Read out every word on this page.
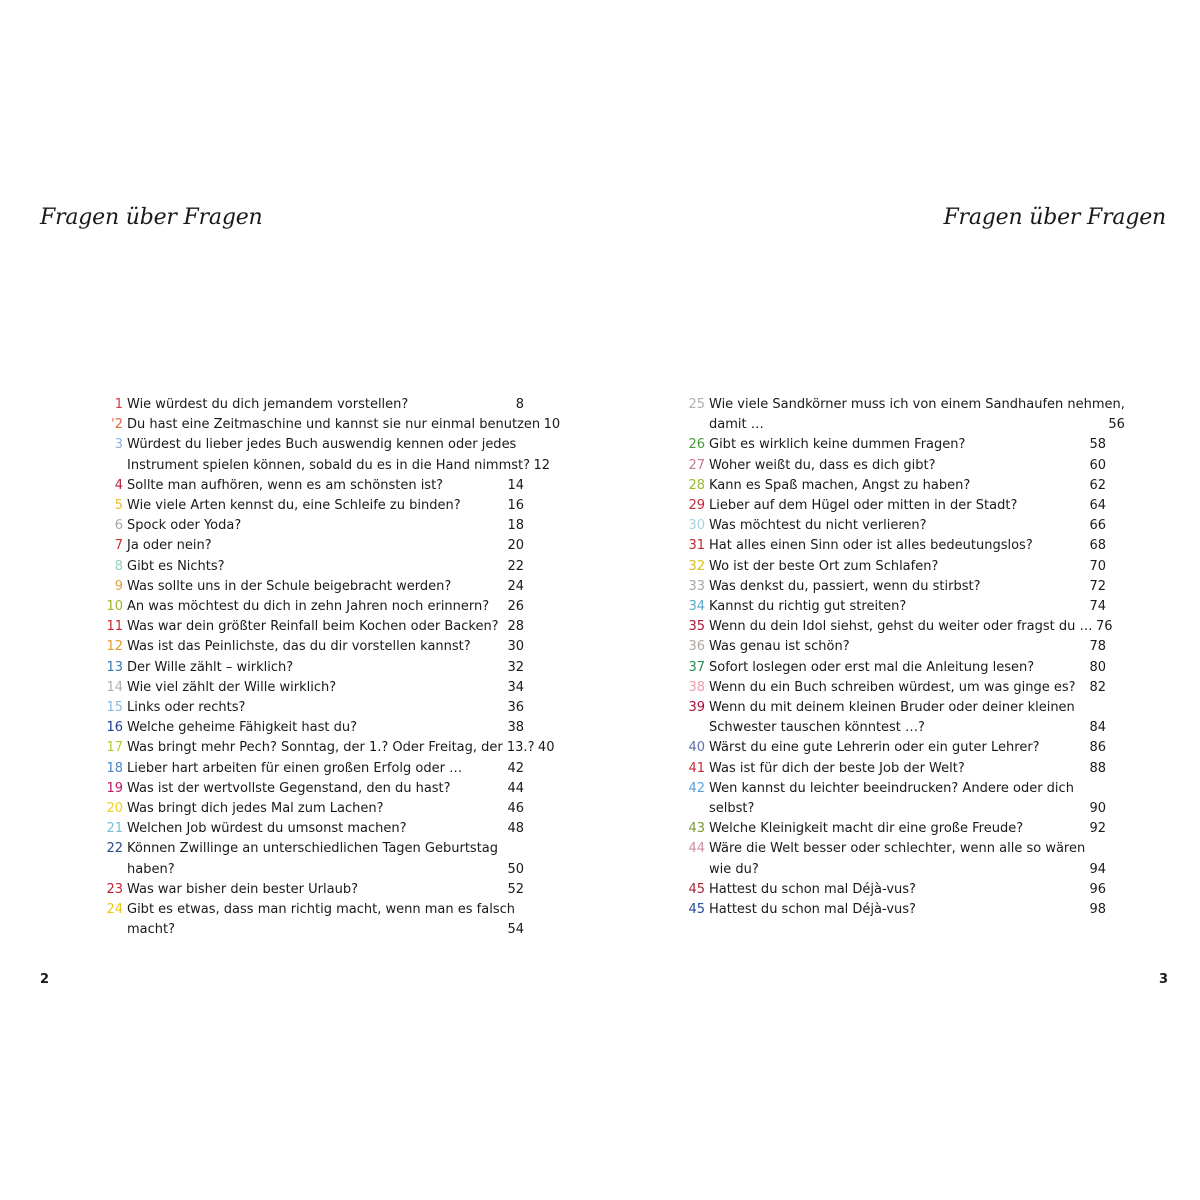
Fragen über Fragen	Fragen über Fragen
1 Wie würdest du dich jemandem vorstellen?	8
'2 Du hast eine Zeitmaschine und kannst sie nur einmal benutzen 10
3 Würdest du lieber jedes Buch auswendig kennen oder jedes
Instrument spielen können, sobald du es in die Hand nimmst? 12
4 Sollte man aufhören, wenn es am schönsten ist?	14
5 Wie viele Arten kennst du, eine Schleife zu binden?	16
6 Spock oder Yoda?	18
7 Ja oder nein?	20
8 Gibt es Nichts?	22
9 Was sollte uns in der Schule beigebracht werden?	24
10 An was möchtest du dich in zehn Jahren noch erinnern? 26
11 Was war dein größter Reinfall beim Kochen oder Backen? 28
12 Was ist das Peinlichste, das du dir vorstellen kannst?	30
13 Der Wille zählt – wirklich?	32
14 Wie viel zählt der Wille wirklich?	34
15 Links oder rechts?	36
16 Welche geheime Fähigkeit hast du?	38
17 Was bringt mehr Pech? Sonntag, der 1.? Oder Freitag, der 13.? 40
18 Lieber hart arbeiten für einen großen Erfolg oder …	42
19 Was ist der wertvollste Gegenstand, den du hast?	44
20 Was bringt dich jedes Mal zum Lachen?	46
21 Welchen Job würdest du umsonst machen?	48
22 Können Zwillinge an unterschiedlichen Tagen Geburtstag
haben?	50
23 Was war bisher dein bester Urlaub?	52
24 Gibt es etwas, dass man richtig macht, wenn man es falsch
macht?	54
25 Wie viele Sandkörner muss ich von einem Sandhaufen nehmen,
damit …	56
26 Gibt es wirklich keine dummen Fragen?	58
27 Woher weißt du, dass es dich gibt?	60
28 Kann es Spaß machen, Angst zu haben?	62
29 Lieber auf dem Hügel oder mitten in der Stadt?	64
30 Was möchtest du nicht verlieren?	66
31 Hat alles einen Sinn oder ist alles bedeutungslos?	68
32 Wo ist der beste Ort zum Schlafen?	70
33 Was denkst du, passiert, wenn du stirbst?	72
34 Kannst du richtig gut streiten?	74
35 Wenn du dein Idol siehst, gehst du weiter oder fragst du … 76
36 Was genau ist schön?	78
37 Sofort loslegen oder erst mal die Anleitung lesen?	80
38 Wenn du ein Buch schreiben würdest, um was ginge es? 82
39 Wenn du mit deinem kleinen Bruder oder deiner kleinen
Schwester tauschen könntest …?	84
40 Wärst du eine gute Lehrerin oder ein guter Lehrer?	86
41 Was ist für dich der beste Job der Welt?	88
42 Wen kannst du leichter beeindrucken? Andere oder dich
selbst?	90
43 Welche Kleinigkeit macht dir eine große Freude?	92
44 Wäre die Welt besser oder schlechter, wenn alle so wären
wie du?	94
45 Hattest du schon mal Déjà-vus?	96
45 Hattest du schon mal Déjà-vus?	98
2	3
